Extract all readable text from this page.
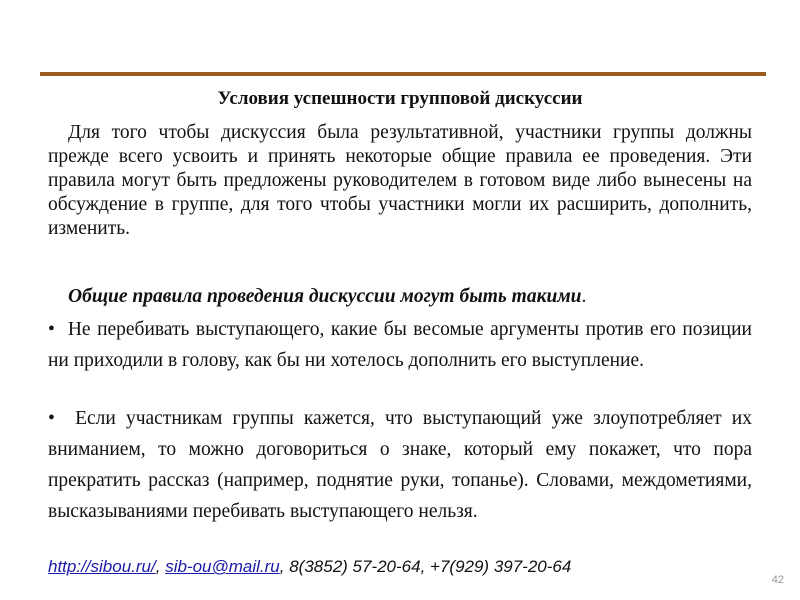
Условия успешности групповой дискуссии

Для того чтобы дискуссия была результативной, участники группы должны прежде всего усвоить и принять некоторые общие правила ее проведения. Эти правила могут быть предложены руководителем в готовом виде либо вынесены на обсуждение в группе, для того чтобы участники могли их расширить, дополнить, изменить.

Общие правила проведения дискуссии могут быть такими.

• Не перебивать выступающего, какие бы весомые аргументы против его позиции ни приходили в голову, как бы ни хотелось дополнить его выступление.

• Если участникам группы кажется, что выступающий уже злоупотребляет их вниманием, то можно договориться о знаке, который ему покажет, что пора прекратить рассказ (например, поднятие руки, топанье). Словами, междометиями, высказываниями перебивать выступающего нельзя.

http://sibou.ru/, sib-ou@mail.ru, 8(3852) 57-20-64, +7(929) 397-20-64
42
